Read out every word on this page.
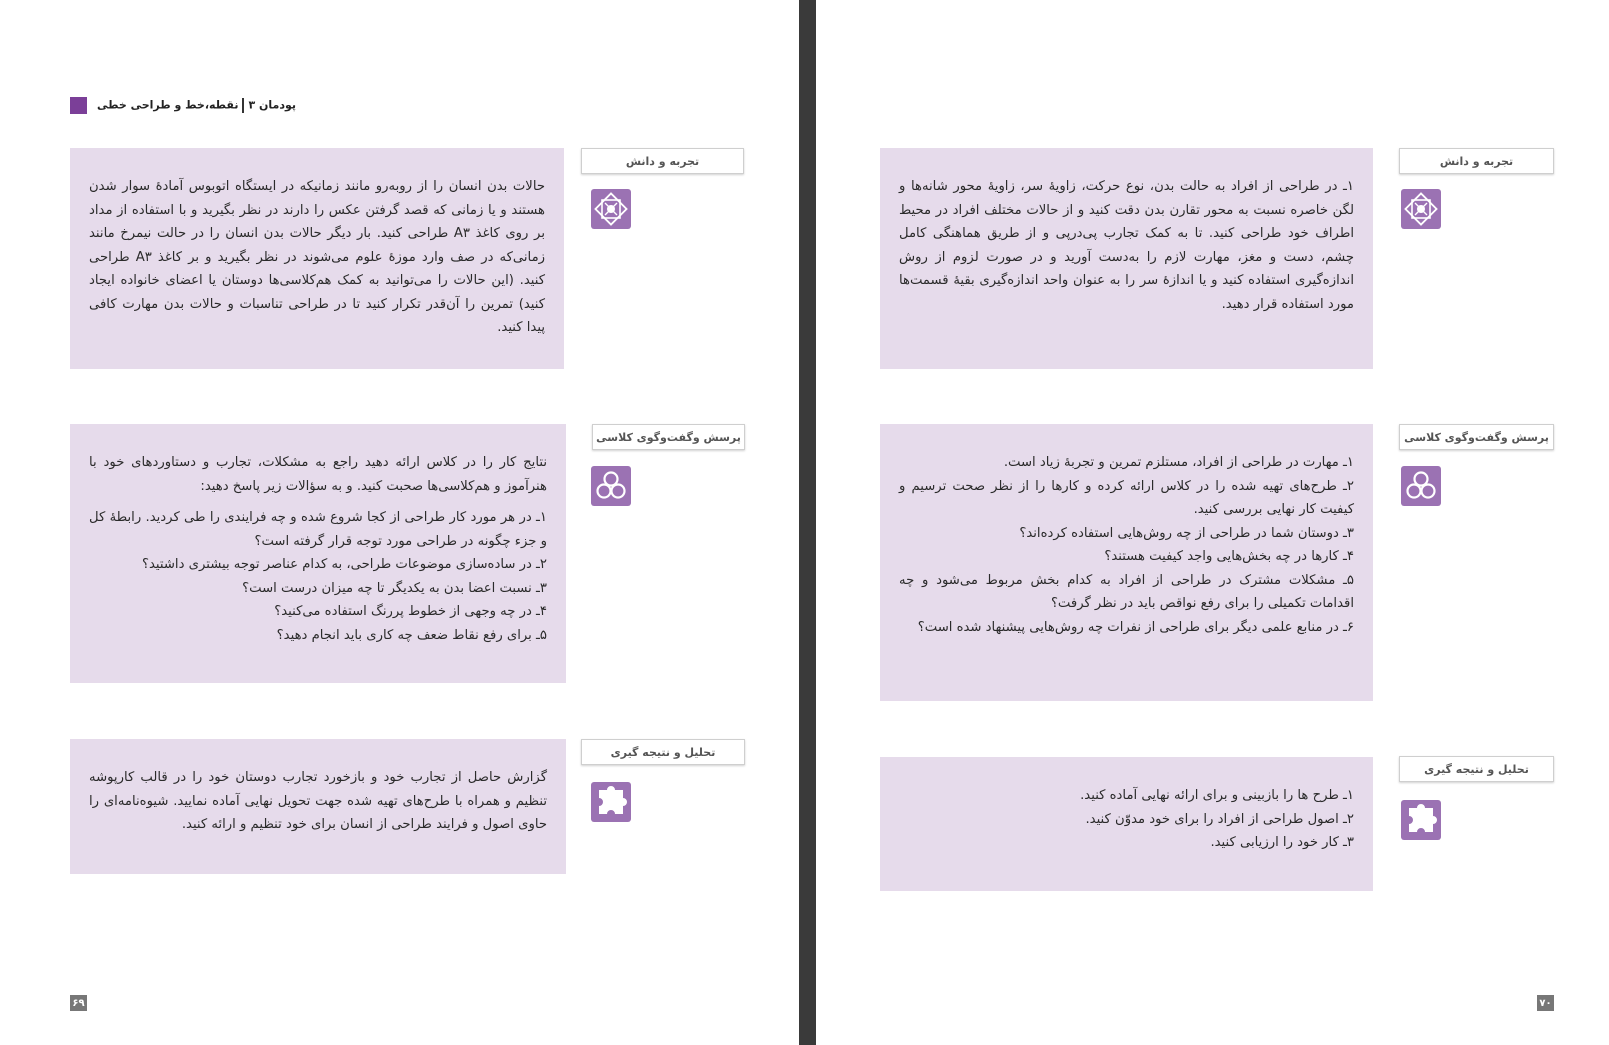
پودمان ۳نقطه،خط و طراحی خطی

حالات بدن انسان را از روبه‌رو مانند زمانیکه در ایستگاه اتوبوس آمادهٔ سوار شدن هستند و یا زمانی که قصد گرفتن عکس را دارند در نظر بگیرید و با استفاده از مداد بر روی کاغذ A۳ طراحی کنید. بار دیگر حالات بدن انسان را در حالت نیمرخ مانند زمانی‌که در صف وارد موزهٔ علوم می‌شوند در نظر بگیرید و بر کاغذ A۳ طراحی کنید. (این حالات را می‌توانید به کمک هم‌کلاسی‌ها دوستان یا اعضای خانواده ایجاد کنید) تمرین را آن‌قدر تکرار کنید تا در طراحی تناسبات و حالات بدن مهارت کافی پیدا کنید.

تجربه و دانش

نتایج کار را در کلاس ارائه دهید راجع به مشکلات، تجارب و دستاوردهای خود با هنرآموز و هم‌کلاسی‌ها صحبت کنید. و به سؤالات زیر پاسخ دهید:

۱ـ در هر مورد کار طراحی از کجا شروع شده و چه فرایندی را طی کردید. رابطهٔ کل و جزء چگونه در طراحی مورد توجه قرار گرفته است؟

۲ـ در ساده‌سازی موضوعات طراحی، به کدام عناصر توجه بیشتری داشتید؟

۳ـ نسبت اعضا بدن به یکدیگر تا چه میزان درست است؟

۴ـ در چه وجهی از خطوط پررنگ استفاده می‌کنید؟

۵ـ برای رفع نقاط ضعف چه کاری باید انجام دهید؟

پرسش وگفت‌وگوی کلاسی

گزارش حاصل از تجارب خود و بازخورد تجارب دوستان خود را در قالب کارپوشه تنظیم و همراه با طرح‌های تهیه شده جهت تحویل نهایی آماده نمایید. شیوه‌نامه‌ای را حاوی اصول و فرایند طراحی از انسان برای خود تنظیم و ارائه کنید.

تحلیل و نتیجه گیری
۶۹

۱ـ در طراحی از افراد به حالت بدن، نوع حرکت، زاویهٔ سر، زاویهٔ محور شانه‌ها و لگن خاصره نسبت به محور تقارن بدن دقت کنید و از حالات مختلف افراد در محیط اطراف خود طراحی کنید. تا به کمک تجارب پی‌درپی و از طریق هماهنگی کامل چشم، دست و مغز، مهارت لازم را به‌دست آورید و در صورت لزوم از روش اندازه‌گیری استفاده کنید و یا اندازهٔ سر را به عنوان واحد اندازه‌گیری بقیهٔ قسمت‌ها مورد استفاده قرار دهید.

تجربه و دانش

۱ـ مهارت در طراحی از افراد، مستلزم تمرین و تجربهٔ زیاد است.

۲ـ طرح‌های تهیه شده را در کلاس ارائه کرده و کارها را از نظر صحت ترسیم و کیفیت کار نهایی بررسی کنید.

۳ـ دوستان شما در طراحی از چه روش‌هایی استفاده کرده‌اند؟

۴ـ کارها در چه بخش‌هایی واجد کیفیت هستند؟

۵ـ مشکلات مشترک در طراحی از افراد به کدام بخش مربوط می‌شود و چه اقدامات تکمیلی را برای رفع نواقص باید در نظر گرفت؟

۶ـ در منابع علمی دیگر برای طراحی از نفرات چه روش‌هایی پیشنهاد شده است؟

پرسش وگفت‌وگوی کلاسی

۱ـ طرح ها را بازبینی و برای ارائه نهایی آماده کنید.

۲ـ اصول طراحی از افراد را برای خود مدوّن کنید.

۳ـ کار خود را ارزیابی کنید.

تحلیل و نتیجه گیری
۷۰
